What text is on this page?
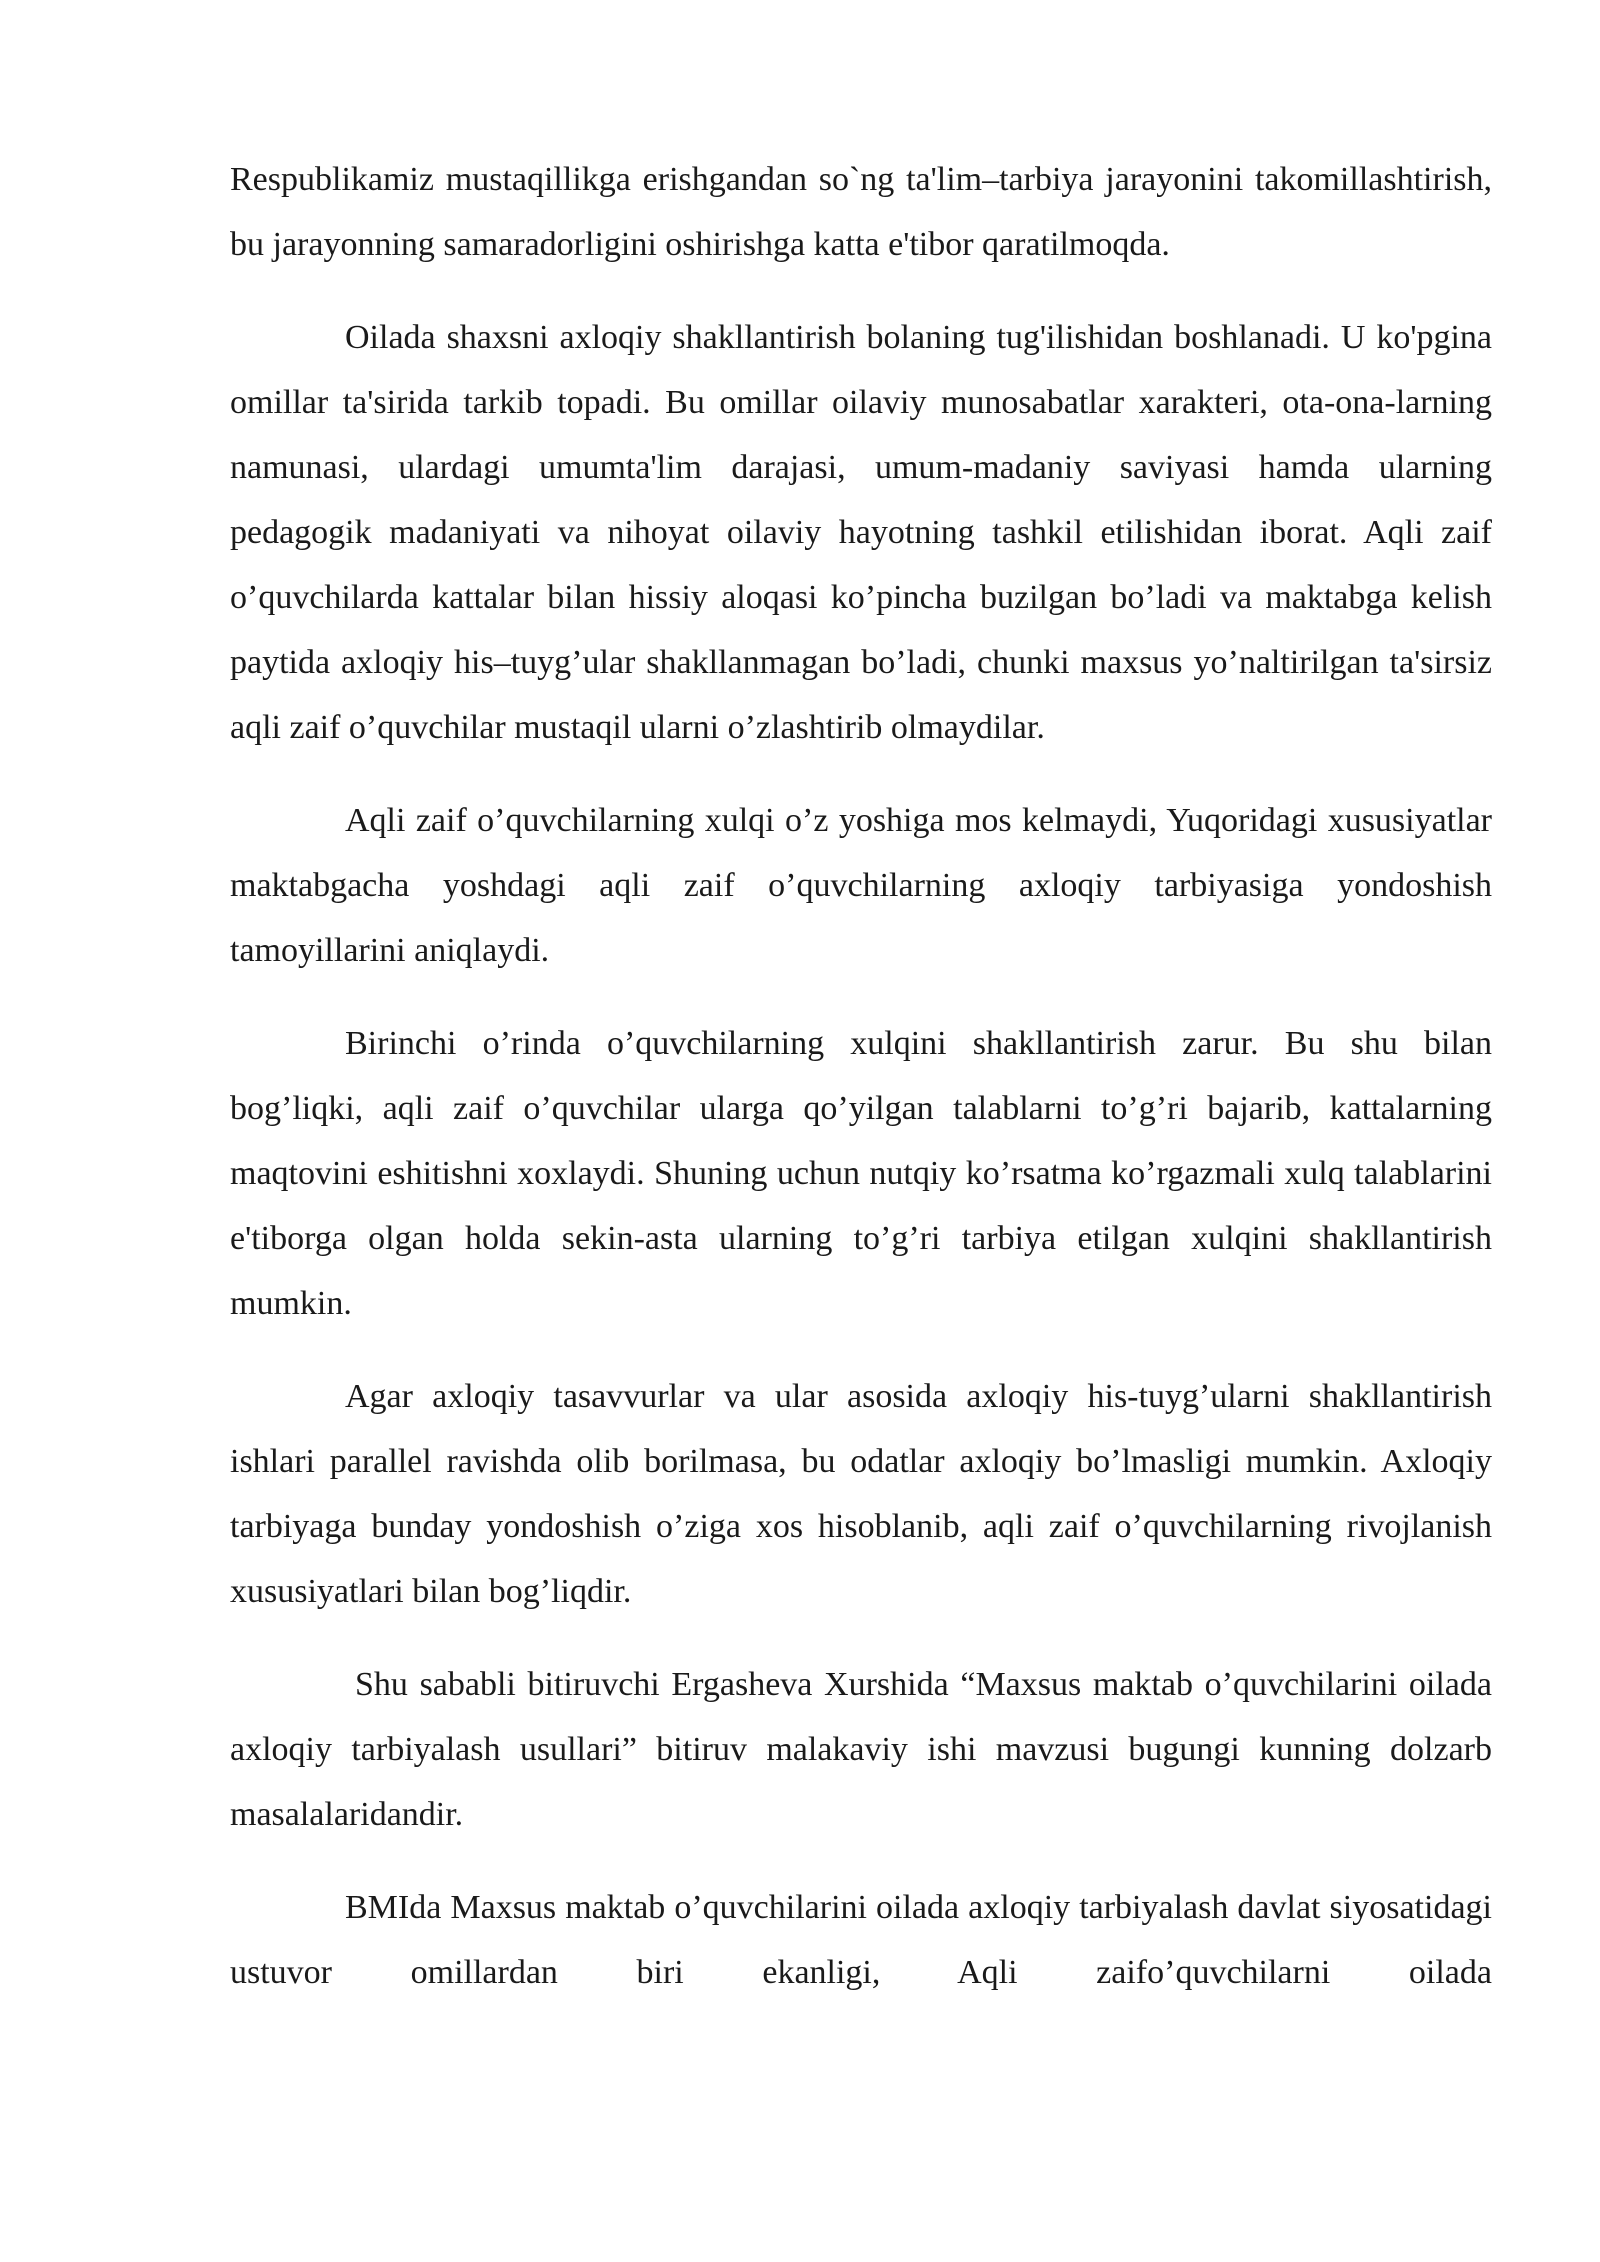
Respublikamiz mustaqillikga erishgandan so`ng ta'lim–tarbiya jarayonini takomillashtirish, bu jarayonning samaradorligini oshirishga katta e'tibor qaratilmoqda.

Oilada shaxsni axloqiy shakllantirish bolaning tug'ilishidan boshlanadi. U ko'pgina omillar ta'sirida tarkib topadi. Bu omillar oilaviy munosabatlar xarakteri, ota-ona-larning namunasi, ulardagi umumta'lim darajasi, umum-madaniy saviyasi hamda ularning pedagogik madaniyati va nihoyat oilaviy hayotning tashkil etilishidan iborat. Aqli zaif o’quvchilarda kattalar bilan hissiy aloqasi ko’pincha buzilgan bo’ladi va maktabga kelish paytida axloqiy his–tuyg’ular shakllanmagan bo’ladi, chunki maxsus yo’naltirilgan ta'sirsiz aqli zaif o’quvchilar mustaqil ularni o’zlashtirib olmaydilar.

Aqli zaif o’quvchilarning xulqi o’z yoshiga mos kelmaydi, Yuqoridagi xususiyatlar maktabgacha yoshdagi aqli zaif o’quvchilarning axloqiy tarbiyasiga yondoshish tamoyillarini aniqlaydi.

Birinchi o’rinda o’quvchilarning xulqini shakllantirish zarur. Bu shu bilan bog’liqki, aqli zaif o’quvchilar ularga qo’yilgan talablarni to’g’ri bajarib, kattalarning maqtovini eshitishni xoxlaydi. Shuning uchun nutqiy ko’rsatma ko’rgazmali xulq talablarini e'tiborga olgan holda sekin-asta ularning to’g’ri tarbiya etilgan xulqini shakllantirish mumkin.

Agar axloqiy tasavvurlar va ular asosida axloqiy his-tuyg’ularni shakllantirish ishlari parallel ravishda olib borilmasa, bu odatlar axloqiy bo’lmasligi mumkin. Axloqiy tarbiyaga bunday yondoshish o’ziga xos hisoblanib, aqli zaif o’quvchilarning rivojlanish xususiyatlari bilan bog’liqdir.

Shu sababli bitiruvchi Ergasheva Xurshida “Maxsus maktab o’quvchilarini oilada axloqiy tarbiyalash usullari” bitiruv malakaviy ishi mavzusi bugungi kunning dolzarb masalalaridandir.

BMIda Maxsus maktab o’quvchilarini oilada axloqiy tarbiyalash davlat siyosatidagi ustuvor omillardan biri ekanligi, Aqli zaifo’quvchilarni oilada
